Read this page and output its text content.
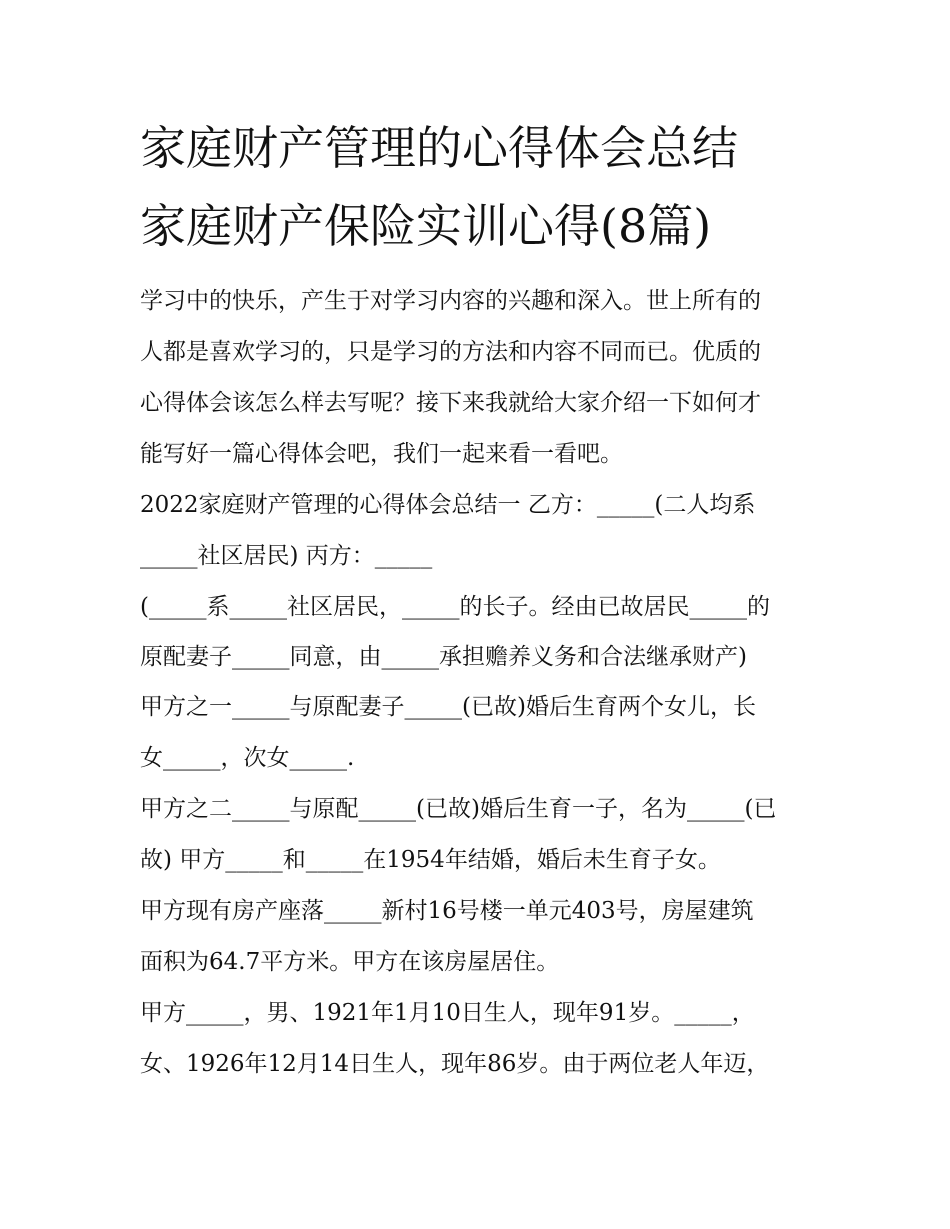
家庭财产管理的心得体会总结
家庭财产保险实训心得(8篇)
学习中的快乐，产生于对学习内容的兴趣和深入。世上所有的
人都是喜欢学习的，只是学习的方法和内容不同而已。优质的
心得体会该怎么样去写呢？接下来我就给大家介绍一下如何才
能写好一篇心得体会吧，我们一起来看一看吧。
2022家庭财产管理的心得体会总结一 乙方：_____(二人均系
_____社区居民) 丙方：_____
(_____系_____社区居民，_____的长子。经由已故居民_____的
原配妻子_____同意，由_____承担赡养义务和合法继承财产)
甲方之一_____与原配妻子_____(已故)婚后生育两个女儿，长
女_____，次女_____.
甲方之二_____与原配_____(已故)婚后生育一子，名为_____(已
故) 甲方_____和_____在1954年结婚，婚后未生育子女。
甲方现有房产座落_____新村16号楼一单元403号，房屋建筑
面积为64.7平方米。甲方在该房屋居住。
甲方_____，男、1921年1月10日生人，现年91岁。_____，
女、1926年12月14日生人，现年86岁。由于两位老人年迈，
